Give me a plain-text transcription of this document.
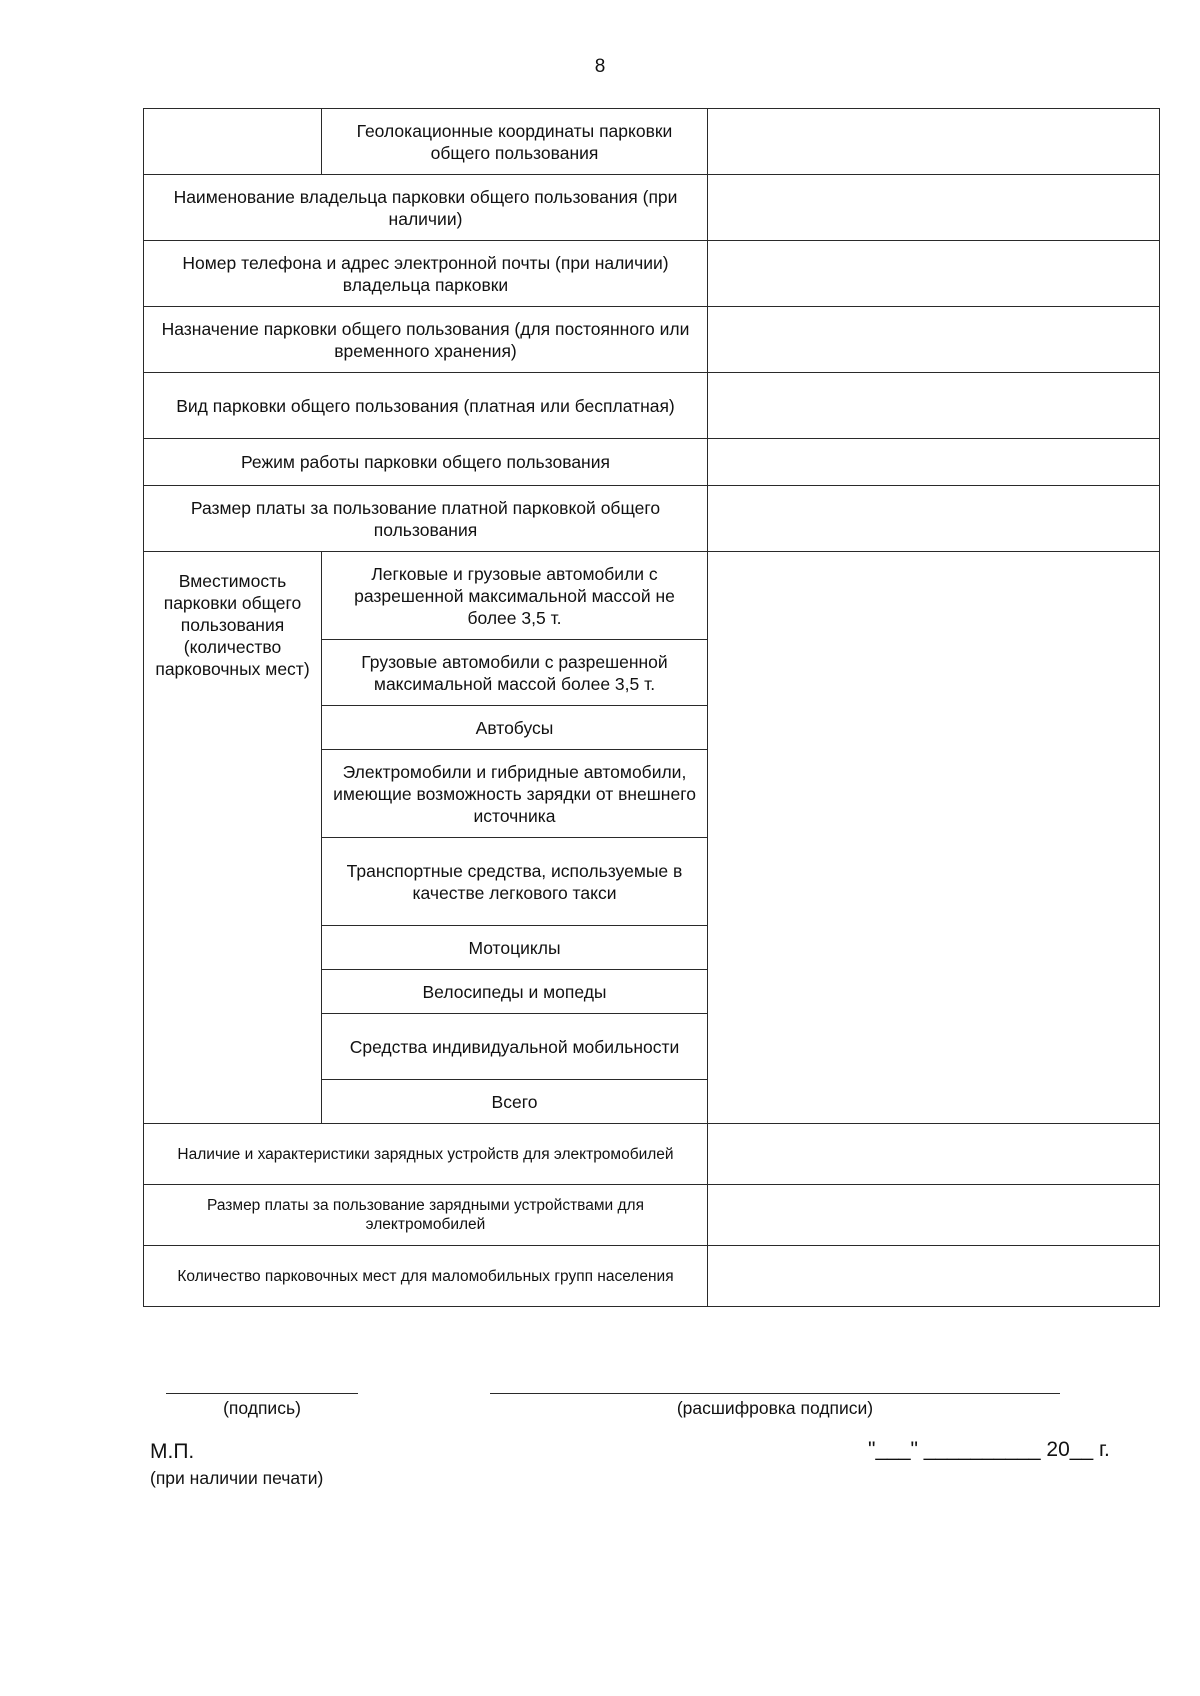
8
	Геолокационные координаты парковки общего пользования	
Наименование владельца парковки общего пользования (при наличии)		
Номер телефона и адрес электронной почты (при наличии) владельца парковки		
Назначение парковки общего пользования (для постоянного или временного хранения)		
Вид парковки общего пользования (платная или бесплатная)		
Режим работы парковки общего пользования		
Размер платы за пользование платной парковкой общего пользования		
Вместимость парковки общего пользования (количество парковочных мест)	Легковые и грузовые автомобили с разрешенной максимальной массой не более 3,5 т.	
	Грузовые автомобили с разрешенной максимальной массой более 3,5 т.	
	Автобусы	
	Электромобили и гибридные автомобили, имеющие возможность зарядки от внешнего источника	
	Транспортные средства, используемые в качестве легкового такси	
	Мотоциклы	
	Велосипеды и мопеды	
	Средства индивидуальной мобильности	
	Всего	
Наличие и характеристики зарядных устройств для электромобилей		
Размер платы за пользование зарядными устройствами для электромобилей		
Количество парковочных мест для маломобильных групп населения		
(подпись)	(расшифровка подписи)
М.П.
(при наличии печати)
"___" __________ 20__ г.
